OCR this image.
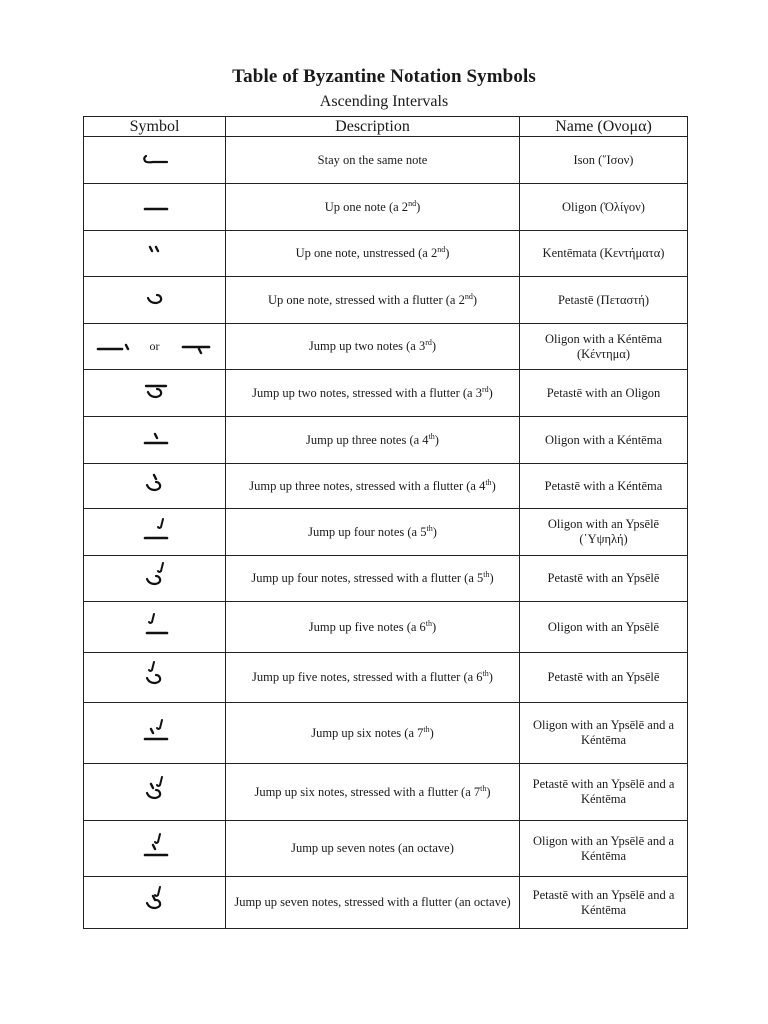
Table of Byzantine Notation Symbols
Ascending Intervals
Symbol	Description	Name (Ονομα)
	Stay on the same note	Ison (῞Ισον)
	Up one note (a 2nd)	Oligon (Ὀλίγον)
	Up one note, unstressed (a 2nd)	Kentēmata (Κεντήματα)
	Up one note, stressed with a flutter (a 2nd)	Petastē (Πεταστή)

or	Jump up two notes (a 3rd)	Oligon with a Kéntēma (Κέντημα)
	Jump up two notes, stressed with a flutter (a 3rd)	Petastē with an Oligon
	Jump up three notes (a 4th)	Oligon with a Kéntēma
	Jump up three notes, stressed with a flutter (a 4th)	Petastē with a Kéntēma
	Jump up four notes (a 5th)	Oligon with an Ypsēlē (῾Υψηλή)
	Jump up four notes, stressed with a flutter (a 5th)	Petastē with an Ypsēlē
	Jump up five notes (a 6th)	Oligon with an Ypsēlē
	Jump up five notes, stressed with a flutter (a 6th)	Petastē with an Ypsēlē
	Jump up six notes (a 7th)	Oligon with an Ypsēlē and a Kéntēma
	Jump up six notes, stressed with a flutter (a 7th)	Petastē with an Ypsēlē and a Kéntēma
	Jump up seven notes (an octave)	Oligon with an Ypsēlē and a Kéntēma
	Jump up seven notes, stressed with a flutter (an octave)	Petastē with an Ypsēlē and a Kéntēma
